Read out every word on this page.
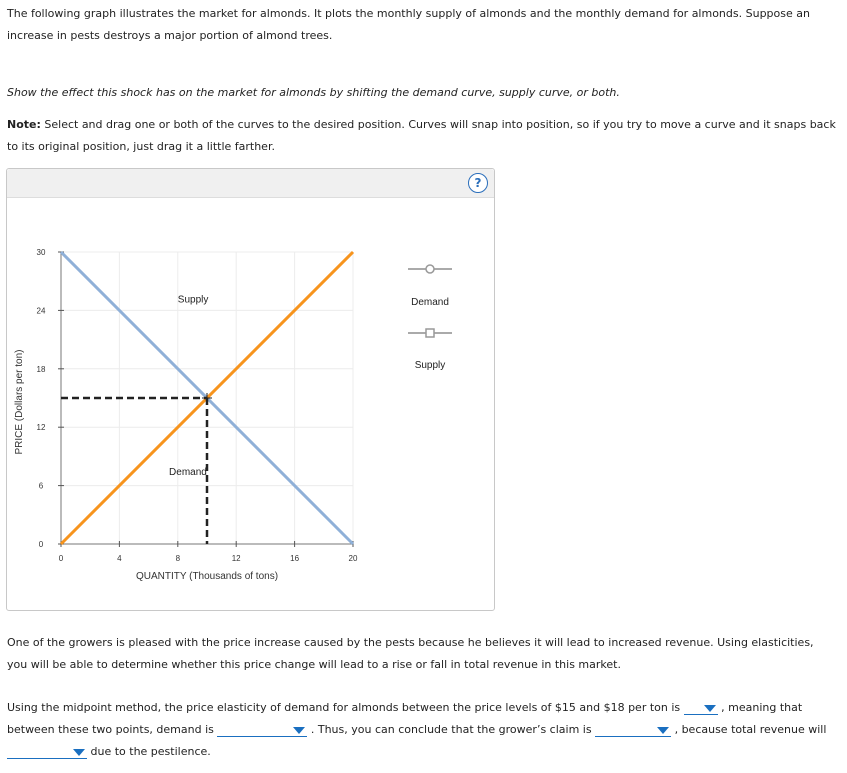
The following graph illustrates the market for almonds. It plots the monthly supply of almonds and the monthly demand for almonds. Suppose an increase in pests destroys a major portion of almond trees.

Show the effect this shock has on the market for almonds by shifting the demand curve, supply curve, or both.

Note: Select and drag one or both of the curves to the desired position. Curves will snap into position, so if you try to move a curve and it snaps back to its original position, just drag it a little farther.

?
0
6
12
18
24
30
0	4	8	12	16	20
QUANTITY (Thousands of tons)
PRICE (Dollars per ton)
Supply
Demand
Demand
Supply

One of the growers is pleased with the price increase caused by the pests because he believes it will lead to increased revenue. Using elasticities, you will be able to determine whether this price change will lead to a rise or fall in total revenue in this market.

Using the midpoint method, the price elasticity of demand for almonds between the price levels of $15 and $18 per ton is	, meaning that between these two points, demand is	. Thus, you can conclude that the grower’s claim is	, because total revenue will
due to the pestilence.
